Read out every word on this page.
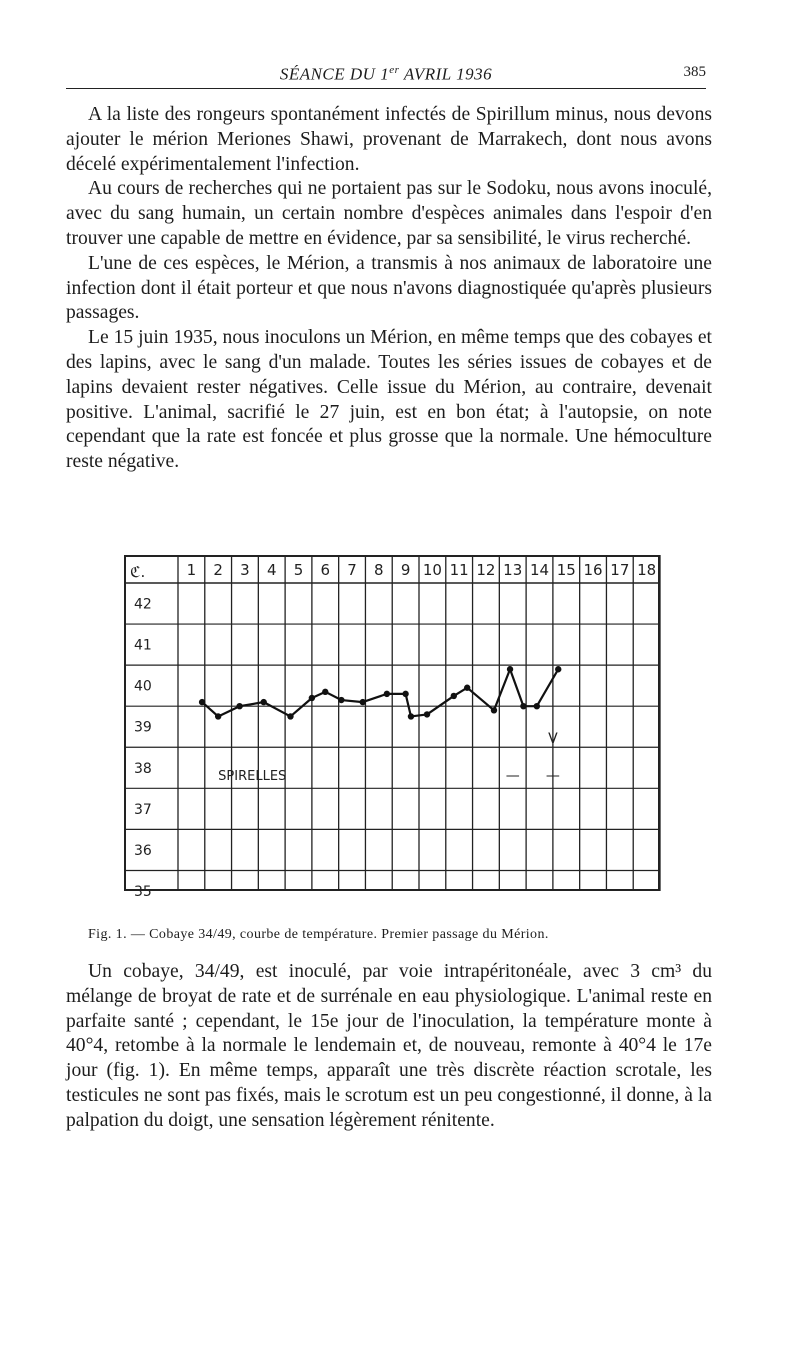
SÉANCE DU 1er AVRIL 1936	385

A la liste des rongeurs spontanément infectés de Spirillum minus, nous devons ajouter le mérion Meriones Shawi, provenant de Marrakech, dont nous avons décelé expérimentalement l'infection.

Au cours de recherches qui ne portaient pas sur le Sodoku, nous avons inoculé, avec du sang humain, un certain nombre d'espèces animales dans l'espoir d'en trouver une capable de mettre en évidence, par sa sensibilité, le virus recherché.

L'une de ces espèces, le Mérion, a transmis à nos animaux de laboratoire une infection dont il était porteur et que nous n'avons diagnostiquée qu'après plusieurs passages.

Le 15 juin 1935, nous inoculons un Mérion, en même temps que des cobayes et des lapins, avec le sang d'un malade. Toutes les séries issues de cobayes et de lapins devaient rester négatives. Celle issue du Mérion, au contraire, devenait positive. L'animal, sacrifié le 27 juin, est en bon état; à l'autopsie, on note cependant que la rate est foncée et plus grosse que la normale. Une hémoculture reste négative.

ℭ.	1 2 3 4 5 6 7 8 9 10 11 12 13 14 15 16 17 18
42
41
40
39
38
37
36
35
SPIRELLES	— —
V
Fig. 1. — Cobaye 34/49, courbe de température. Premier passage du Mérion.

Un cobaye, 34/49, est inoculé, par voie intrapéritonéale, avec 3 cm³ du mélange de broyat de rate et de surrénale en eau physiologique. L'animal reste en parfaite santé ; cependant, le 15e jour de l'inoculation, la température monte à 40°4, retombe à la normale le lendemain et, de nouveau, remonte à 40°4 le 17e jour (fig. 1). En même temps, apparaît une très discrète réaction scrotale, les testicules ne sont pas fixés, mais le scrotum est un peu congestionné, il donne, à la palpation du doigt, une sensation légèrement rénitente.
